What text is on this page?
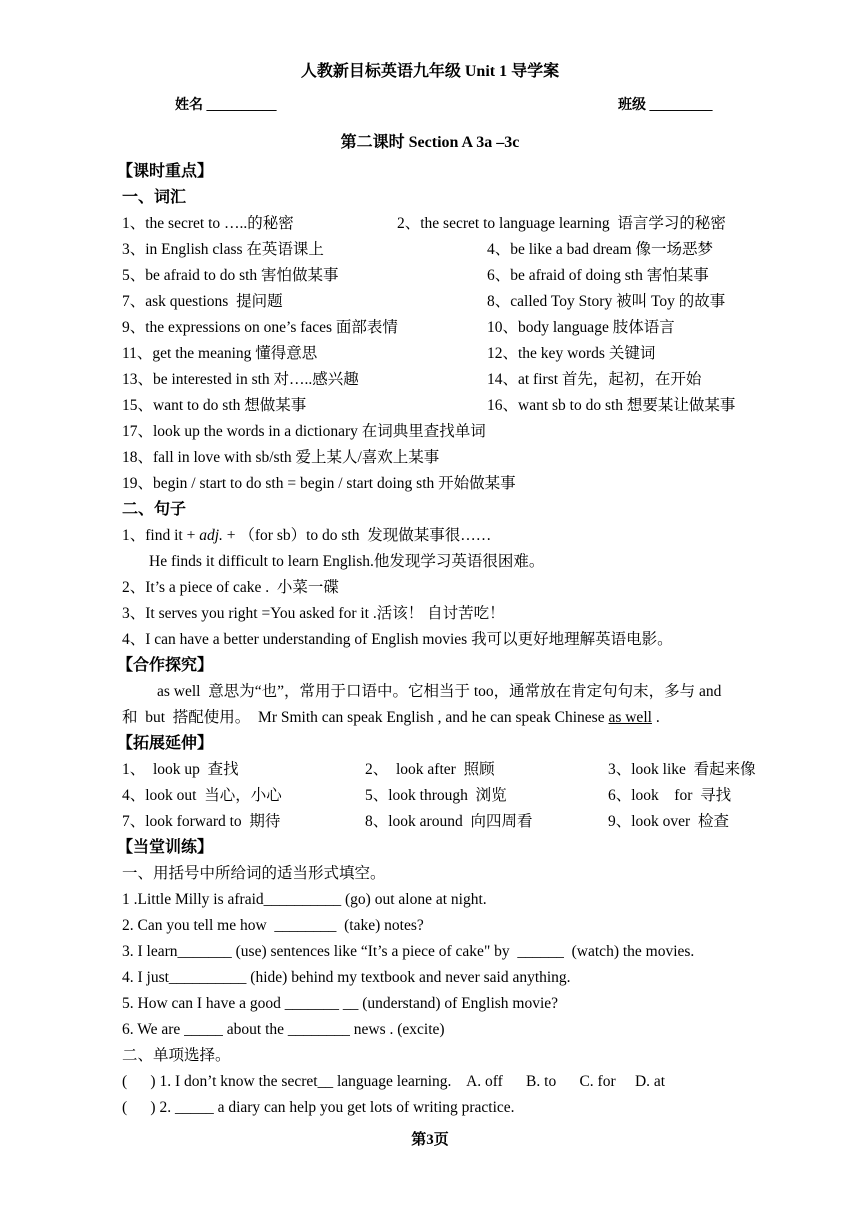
人教新目标英语九年级 Unit 1 导学案
姓名 __________	班级 _________
第二课时 Section A 3a –3c
【课时重点】
一、词汇
1、the secret to …..的秘密	2、the secret to language learning  语言学习的秘密
3、in English class 在英语课上	4、be like a bad dream 像一场恶梦
5、be afraid to do sth 害怕做某事	6、be afraid of doing sth 害怕某事
7、ask questions  提问题	8、called Toy Story 被叫 Toy 的故事
9、the expressions on one’s faces 面部表情	10、body language 肢体语言
11、get the meaning 懂得意思	12、the key words 关键词
13、be interested in sth 对…..感兴趣	14、at first 首先，起初，在开始
15、want to do sth 想做某事	16、want sb to do sth 想要某让做某事
17、look up the words in a dictionary 在词典里查找单词
18、fall in love with sb/sth 爱上某人/喜欢上某事
19、begin / start to do sth = begin / start doing sth 开始做某事
二、句子
1、find it + adj. + （for sb）to do sth  发现做某事很……
He finds it difficult to learn English.他发现学习英语很困难。
2、It’s a piece of cake .  小菜一碟
3、It serves you right =You asked for it .活该！ 自讨苦吃！
4、I can have a better understanding of English movies 我可以更好地理解英语电影。
【合作探究】
as well  意思为“也”，常用于口语中。它相当于 too，通常放在肯定句句末，多与 and
和  but  搭配使用。  Mr Smith can speak English , and he can speak Chinese as well .
【拓展延伸】
1、  look up  查找	2、  look after  照顾	3、look like  看起来像
4、look out  当心，小心	5、look through  浏览	6、look    for  寻找
7、look forward to  期待	8、look around  向四周看	9、look over  检查
【当堂训练】
一、用括号中所给词的适当形式填空。
1 .Little Milly is afraid__________ (go) out alone at night.
2. Can you tell me how  ________  (take) notes?
3. I learn_______ (use) sentences like “It’s a piece of cake" by  ______  (watch) the movies.
4. I just__________ (hide) behind my textbook and never said anything.
5. How can I have a good _______ __ (understand) of English movie?
6. We are _____ about the ________ news . (excite)
二、单项选择。
(      ) 1. I don’t know the secret__ language learning.    A. off      B. to      C. for     D. at
(      ) 2. _____ a diary can help you get lots of writing practice.
第3页
